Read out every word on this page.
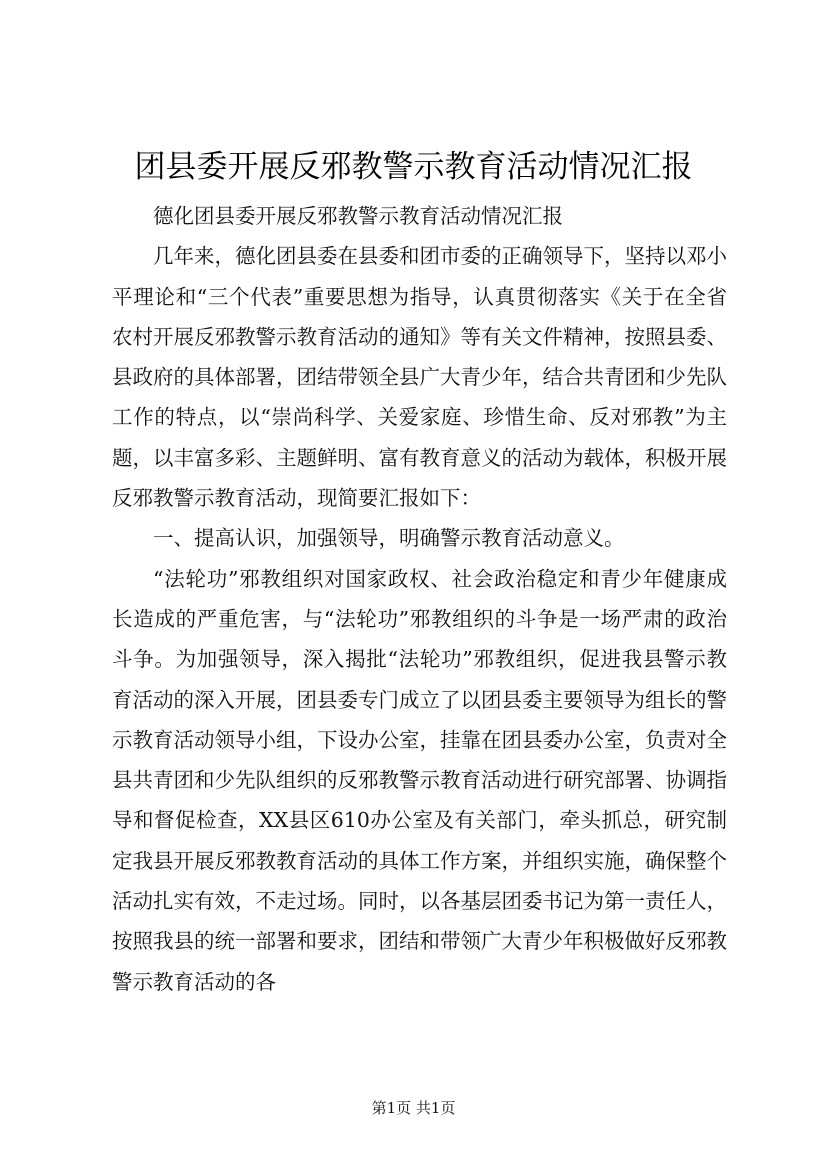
团县委开展反邪教警示教育活动情况汇报

德化团县委开展反邪教警示教育活动情况汇报

几年来，德化团县委在县委和团市委的正确领导下，坚持以邓小平理论和“三个代表”重要思想为指导，认真贯彻落实《关于在全省农村开展反邪教警示教育活动的通知》等有关文件精神，按照县委、县政府的具体部署，团结带领全县广大青少年，结合共青团和少先队工作的特点，以“崇尚科学、关爱家庭、珍惜生命、反对邪教”为主题，以丰富多彩、主题鲜明、富有教育意义的活动为载体，积极开展反邪教警示教育活动，现简要汇报如下：

一、提高认识，加强领导，明确警示教育活动意义。

“法轮功”邪教组织对国家政权、社会政治稳定和青少年健康成长造成的严重危害，与“法轮功”邪教组织的斗争是一场严肃的政治斗争。为加强领导，深入揭批“法轮功”邪教组织，促进我县警示教育活动的深入开展，团县委专门成立了以团县委主要领导为组长的警示教育活动领导小组，下设办公室，挂靠在团县委办公室，负责对全县共青团和少先队组织的反邪教警示教育活动进行研究部署、协调指导和督促检查，XX县区610办公室及有关部门，牵头抓总，研究制定我县开展反邪教教育活动的具体工作方案，并组织实施，确保整个活动扎实有效，不走过场。同时，以各基层团委书记为第一责任人，按照我县的统一部署和要求，团结和带领广大青少年积极做好反邪教警示教育活动的各

第1页 共1页
